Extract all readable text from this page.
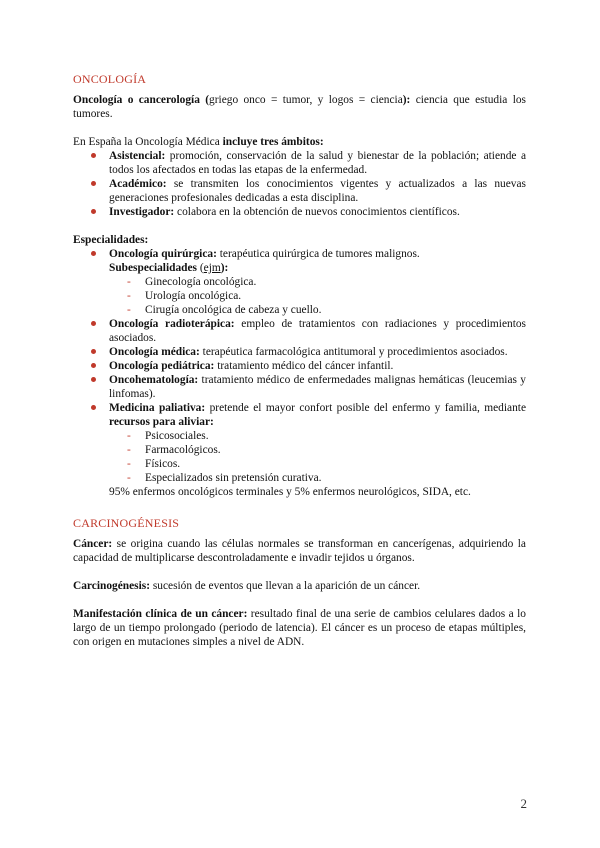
ONCOLOGÍA

Oncología o cancerología (griego onco = tumor, y logos = ciencia): ciencia que estudia los tumores.

En España la Oncología Médica incluye tres ámbitos:

Asistencial: promoción, conservación de la salud y bienestar de la población; atiende a todos los afectados en todas las etapas de la enfermedad.
Académico: se transmiten los conocimientos vigentes y actualizados a las nuevas generaciones profesionales dedicadas a esta disciplina.
Investigador: colabora en la obtención de nuevos conocimientos científicos.

Especialidades:

Oncología quirúrgica: terapéutica quirúrgica de tumores malignos.
Subespecialidades (ejm):
- Ginecología oncológica.
- Urología oncológica.
- Cirugía oncológica de cabeza y cuello.
Oncología radioterápica: empleo de tratamientos con radiaciones y procedimientos asociados.
Oncología médica: terapéutica farmacológica antitumoral y procedimientos asociados.
Oncología pediátrica: tratamiento médico del cáncer infantil.
Oncohematología: tratamiento médico de enfermedades malignas hemáticas (leucemias y linfomas).
Medicina paliativa: pretende el mayor confort posible del enfermo y familia, mediante recursos para aliviar:
- Psicosociales.
- Farmacológicos.
- Físicos.
- Especializados sin pretensión curativa.
95% enfermos oncológicos terminales y 5% enfermos neurológicos, SIDA, etc.
CARCINOGÉNESIS

Cáncer: se origina cuando las células normales se transforman en cancerígenas, adquiriendo la capacidad de multiplicarse descontroladamente e invadir tejidos u órganos.

Carcinogénesis: sucesión de eventos que llevan a la aparición de un cáncer.

Manifestación clínica de un cáncer: resultado final de una serie de cambios celulares dados a lo largo de un tiempo prolongado (periodo de latencia). El cáncer es un proceso de etapas múltiples, con origen en mutaciones simples a nivel de ADN.

2
